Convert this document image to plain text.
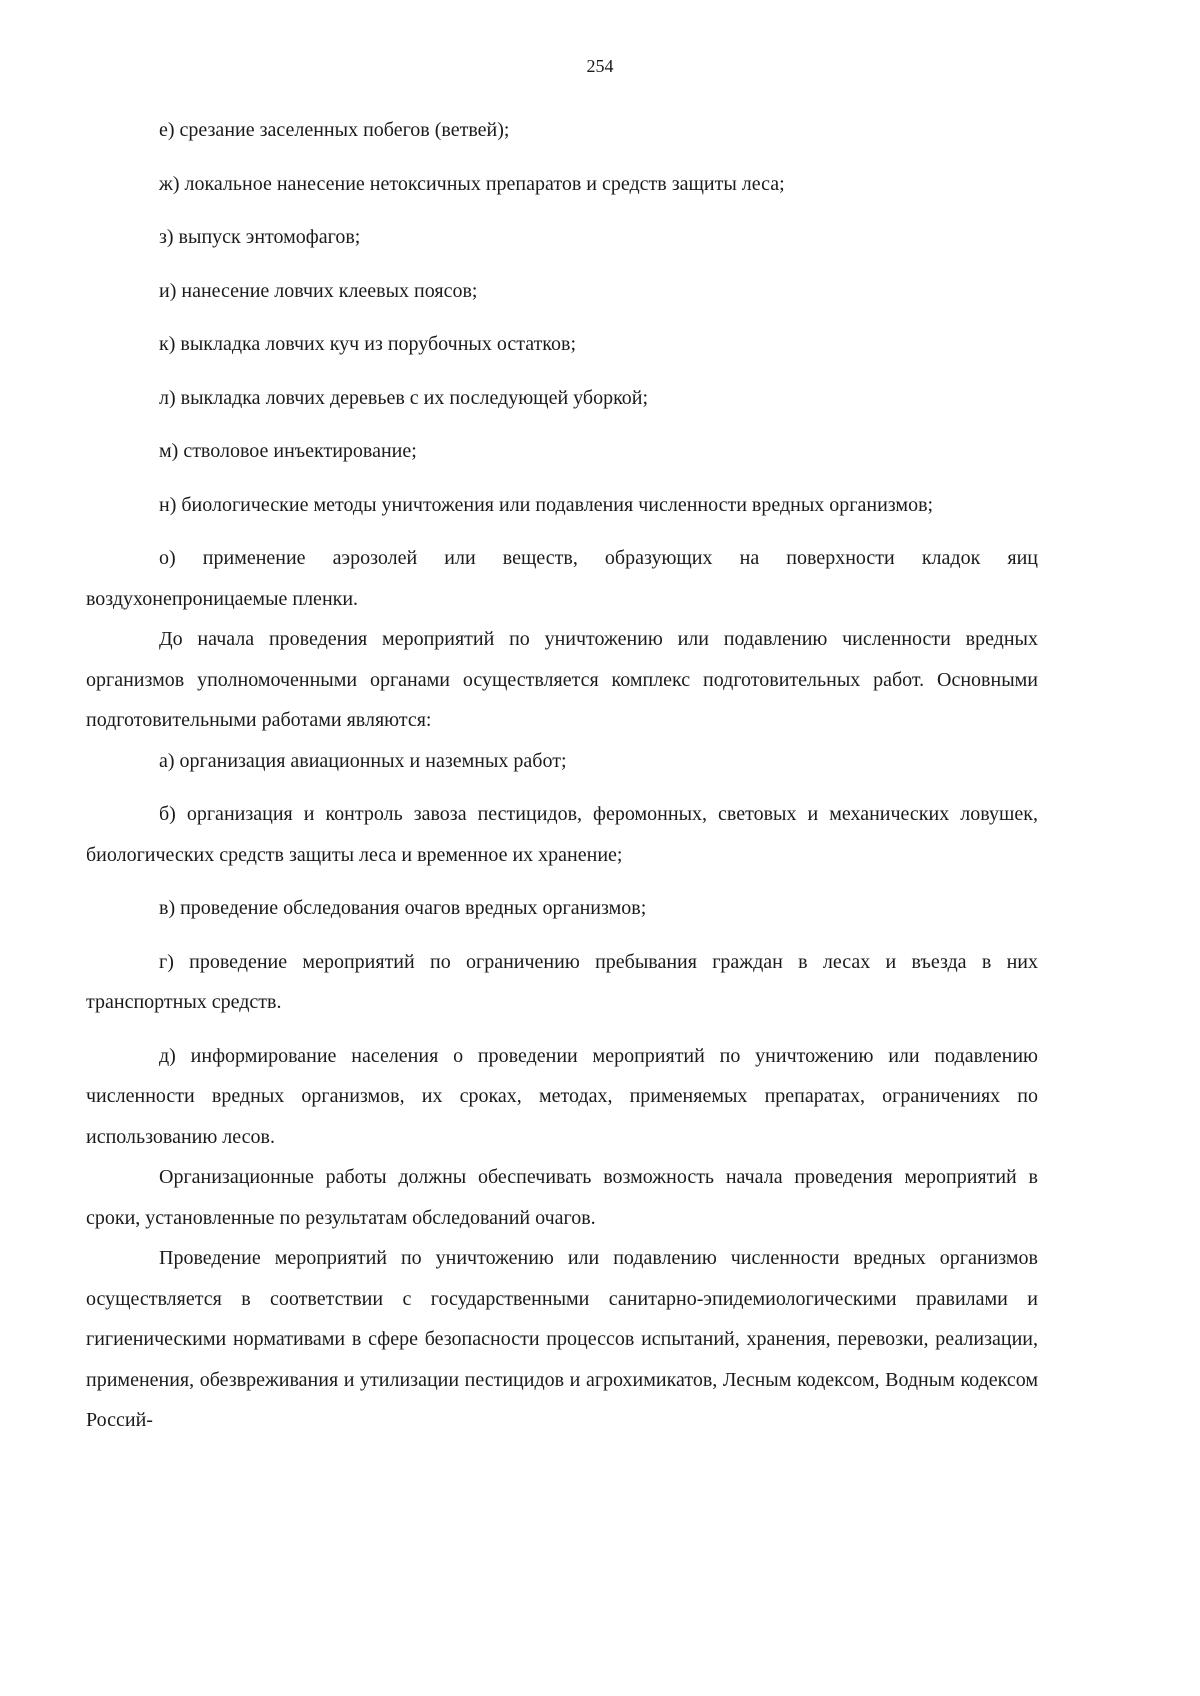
254

е) срезание заселенных побегов (ветвей);

ж) локальное нанесение нетоксичных препаратов и средств защиты леса;

з) выпуск энтомофагов;

и) нанесение ловчих клеевых поясов;

к) выкладка ловчих куч из порубочных остатков;

л) выкладка ловчих деревьев с их последующей уборкой;

м) стволовое инъектирование;

н) биологические методы уничтожения или подавления численности вредных организмов;

о) применение аэрозолей или веществ, образующих на поверхности кладок яиц воздухонепроницаемые пленки.

До начала проведения мероприятий по уничтожению или подавлению численности вредных организмов уполномоченными органами осуществляется комплекс подготовительных работ. Основными подготовительными работами являются:

а) организация авиационных и наземных работ;

б) организация и контроль завоза пестицидов, феромонных, световых и механических ловушек, биологических средств защиты леса и временное их хранение;

в) проведение обследования очагов вредных организмов;

г) проведение мероприятий по ограничению пребывания граждан в лесах и въезда в них транспортных средств.

д) информирование населения о проведении мероприятий по уничтожению или подавлению численности вредных организмов, их сроках, методах, применяемых препаратах, ограничениях по использованию лесов.

Организационные работы должны обеспечивать возможность начала проведения мероприятий в сроки, установленные по результатам обследований очагов.

Проведение мероприятий по уничтожению или подавлению численности вредных организмов осуществляется в соответствии с государственными санитарно-эпидемиологическими правилами и гигиеническими нормативами в сфере безопасности процессов испытаний, хранения, перевозки, реализации, применения, обезвреживания и утилизации пестицидов и агрохимикатов, Лесным кодексом, Водным кодексом Россий-
